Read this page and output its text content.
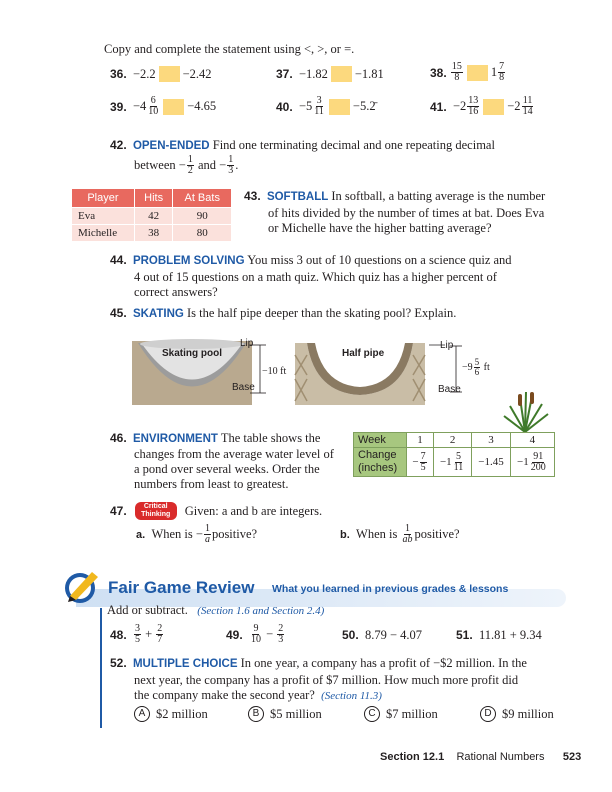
Copy and complete the statement using <, >, or =.
36.
−2.2 −2.42	37.
−1.82 −1.81	38.
$\frac{15}{8} 1 \frac{7}{8}$
39.
$-4 \frac{6}{10} -4.65$	40.
$-5 \frac{3}{11}$ −5.2̄	41.
$-2 \frac{13}{16} -2 \frac{11}{14}$
42. OPEN-ENDED Find one terminating decimal and one repeating decimal
between
− $\frac{1}{2}$
and
− $\frac{1}{3}$ .
Player	Hits	At Bats
Eva	42	90
Michelle	38	80
43. SOFTBALL In softball, a batting average is the number
of hits divided by the number of times at bat. Does Eva
or Michelle have the higher batting average?
44. PROBLEM SOLVING You miss 3 out of 10 questions on a science quiz and
4 out of 15 questions on a math quiz. Which quiz has a higher percent of
correct answers?
45. SKATING Is the half pipe deeper than the skating pool? Explain.
Skating pool
Lip
Base
−10 ft
Half pipe
Lip
Base
$-9 \frac{5}{6}$
ft
46. ENVIRONMENT The table shows the
changes from the average water level of
a pond over several weeks. Order the
numbers from least to greatest.
Week	1	2	3	4
Change (inches)	− $\frac{7}{5}$	$-1 \frac{5}{11}$	−1.45	$-1 \frac{91}{200}$
47.	Critical Thinking	Given: a and b are integers.
a.
When is − $\frac{1}{a}$ positive?	b.
When is
$\frac{1}{ab}$ positive?
Fair Game Review What you learned in previous grades & lessons
Add or subtract. (Section 1.6 and Section 2.4)
48.
$\frac{3}{5} + \frac{2}{7}$	49.
$\frac{9}{10} - \frac{2}{3}$	50. 8.79 − 4.07	51. 11.81 + 9.34
52. MULTIPLE CHOICE In one year, a company has a profit of −$2 million. In the
next year, the company has a profit of $7 million. How much more profit did
the company make the second year? (Section 11.3)
A $2 million	B $5 million	C $7 million	D $9 million
Section 12.1 Rational Numbers 523
